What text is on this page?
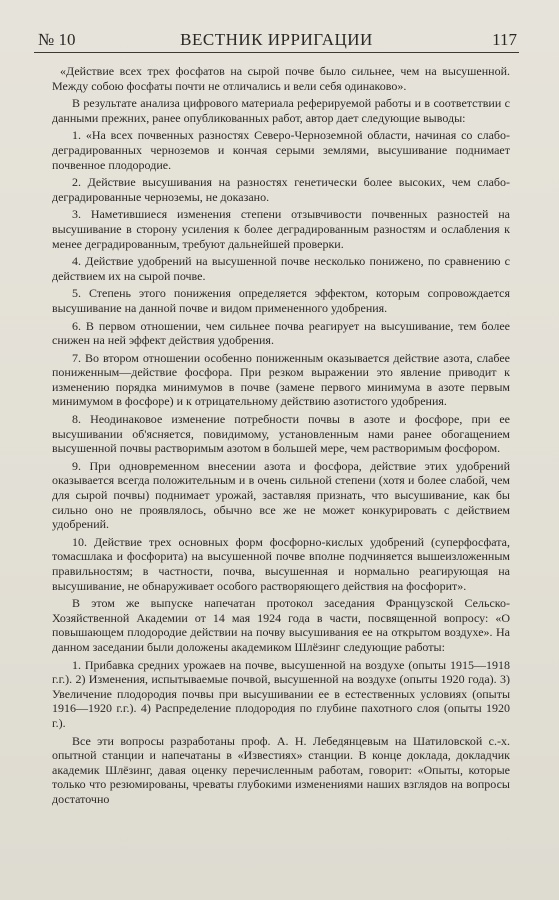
№ 10	ВЕСТНИК ИРРИГАЦИИ	117

«Действие всех трех фосфатов на сырой почве было сильнее, чем на высушенной. Между собою фосфаты почти не отличались и вели себя одинаково».

В результате анализа цифрового материала реферируемой работы и в соответствии с данными прежних, ранее опубликованных работ, автор дает следующие выводы:

1. «На всех почвенных разностях Северо-Черноземной области, начиная со слабо-деградированных черноземов и кончая серыми землями, высушивание поднимает почвенное плодородие.

2. Действие высушивания на разностях генетически более высоких, чем слабо-деградированные черноземы, не доказано.

3. Наметившиеся изменения степени отзывчивости почвенных разностей на высушивание в сторону усиления к более деградированным разностям и ослабления к менее деградированным, требуют дальнейшей проверки.

4. Действие удобрений на высушенной почве несколько понижено, по сравнению с действием их на сырой почве.

5. Степень этого понижения определяется эффектом, которым сопровождается высушивание на данной почве и видом примененного удобрения.

6. В первом отношении, чем сильнее почва реагирует на высушивание, тем более снижен на ней эффект действия удобрения.

7. Во втором отношении особенно пониженным оказывается действие азота, слабее пониженным—действие фосфора. При резком выражении это явление приводит к изменению порядка минимумов в почве (замене первого минимума в азоте первым минимумом в фосфоре) и к отрицательному действию азотистого удобрения.

8. Неодинаковое изменение потребности почвы в азоте и фосфоре, при ее высушивании об'ясняется, повидимому, установленным нами ранее обогащением высушенной почвы растворимым азотом в большей мере, чем растворимым фосфором.

9. При одновременном внесении азота и фосфора, действие этих удобрений оказывается всегда положительным и в очень сильной степени (хотя и более слабой, чем для сырой почвы) поднимает урожай, заставляя признать, что высушивание, как бы сильно оно не проявлялось, обычно все же не может конкурировать с действием удобрений.

10. Действие трех основных форм фосфорно-кислых удобрений (суперфосфата, томасшлака и фосфорита) на высушенной почве вполне подчиняется вышеизложенным правильностям; в частности, почва, высушенная и нормально реагирующая на высушивание, не обнаруживает особого растворяющего действия на фосфорит».

В этом же выпуске напечатан протокол заседания Французской Сельско-Хозяйственной Академии от 14 мая 1924 года в части, посвященной вопросу: «О повышающем плодородие действии на почву высушивания ее на открытом воздухе». На данном заседании были доложены академиком Шлёзинг следующие работы:

1. Прибавка средних урожаев на почве, высушенной на воздухе (опыты 1915—1918 г.г.). 2) Изменения, испытываемые почвой, высушенной на воздухе (опыты 1920 года). 3) Увеличение плодородия почвы при высушивании ее в естественных условиях (опыты 1916—1920 г.г.). 4) Распределение плодородия по глубине пахотного слоя (опыты 1920 г.).

Все эти вопросы разработаны проф. А. Н. Лебедянцевым на Шатиловской с.-х. опытной станции и напечатаны в «Известиях» станции. В конце доклада, докладчик академик Шлёзинг, давая оценку перечисленным работам, говорит: «Опыты, которые только что резюмированы, чреваты глубокими изменениями наших взглядов на вопросы достаточно
